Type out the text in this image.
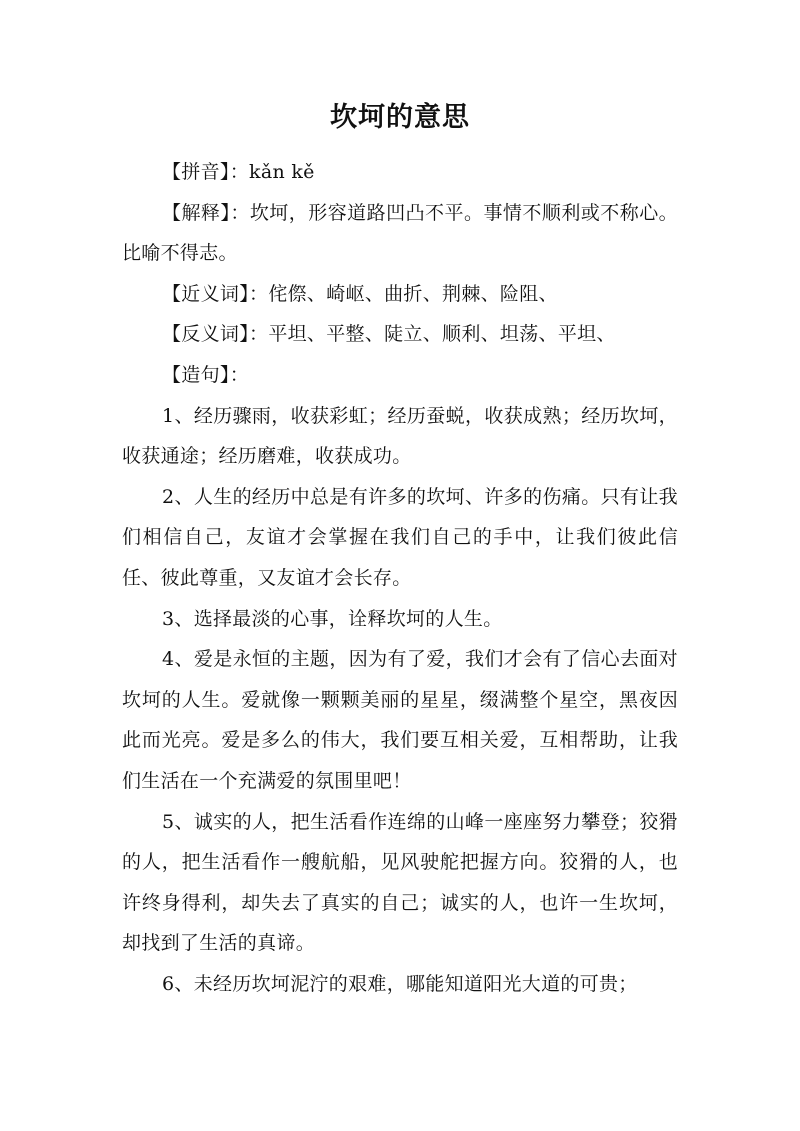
坎坷的意思

【拼音】：kǎn kě

【解释】：坎坷，形容道路凹凸不平。事情不顺利或不称心。比喻不得志。

【近义词】：侘傺、崎岖、曲折、荆棘、险阻、

【反义词】：平坦、平整、陡立、顺利、坦荡、平坦、

【造句】：

1、经历骤雨，收获彩虹；经历蚕蜕，收获成熟；经历坎坷，收获通途；经历磨难，收获成功。

2、人生的经历中总是有许多的坎坷、许多的伤痛。只有让我们相信自己，友谊才会掌握在我们自己的手中，让我们彼此信任、彼此尊重，又友谊才会长存。

3、选择最淡的心事，诠释坎坷的人生。

4、爱是永恒的主题，因为有了爱，我们才会有了信心去面对坎坷的人生。爱就像一颗颗美丽的星星，缀满整个星空，黑夜因此而光亮。爱是多么的伟大，我们要互相关爱，互相帮助，让我们生活在一个充满爱的氛围里吧！

5、诚实的人，把生活看作连绵的山峰一座座努力攀登；狡猾的人，把生活看作一艘航船，见风驶舵把握方向。狡猾的人，也许终身得利，却失去了真实的自己；诚实的人，也许一生坎坷，却找到了生活的真谛。

6、未经历坎坷泥泞的艰难，哪能知道阳光大道的可贵；
